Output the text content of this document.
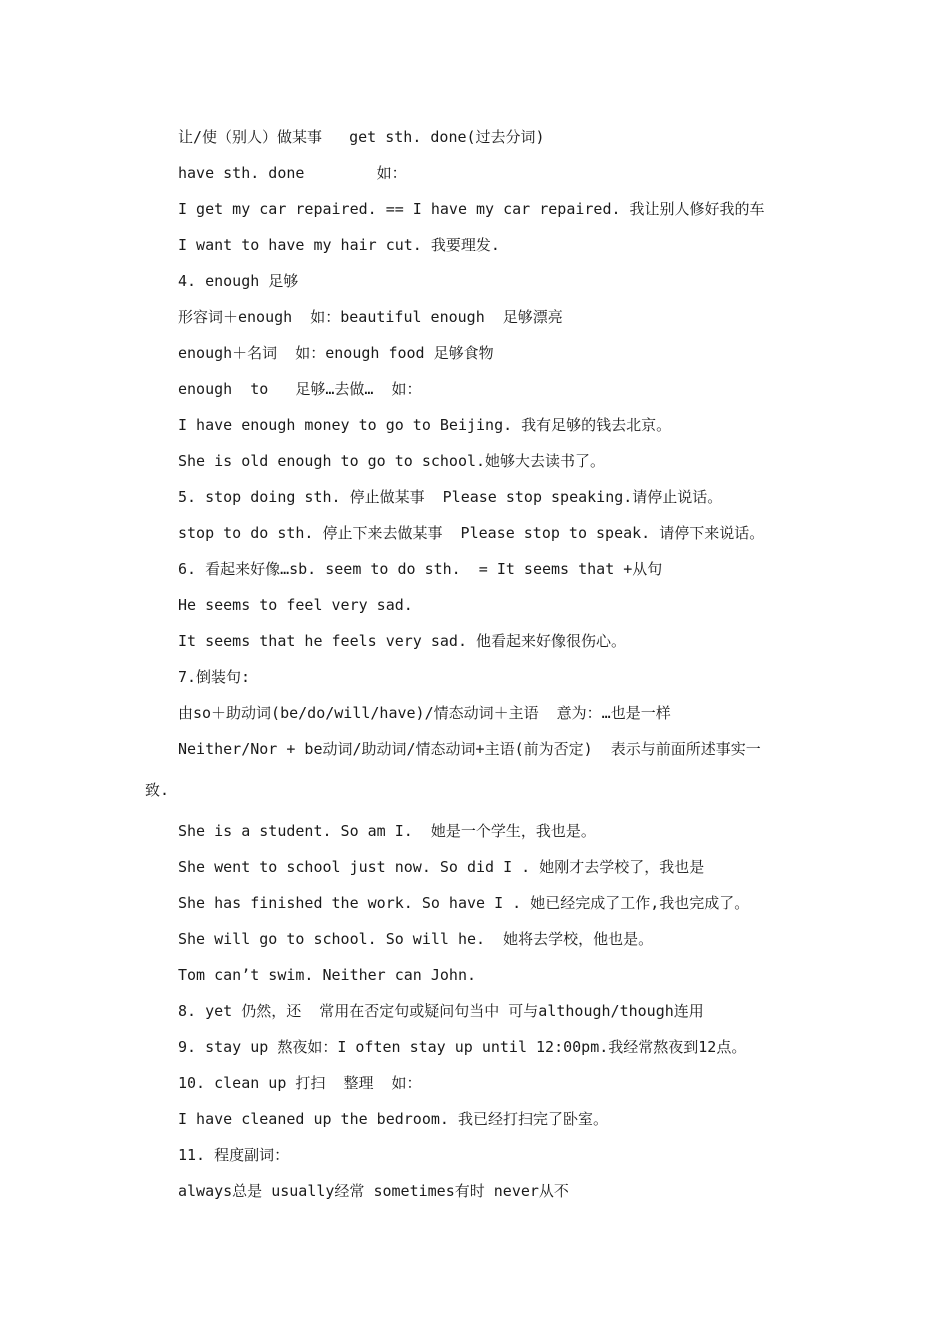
让/使（别人）做某事   get sth. done(过去分词)
have sth. done        如：
I get my car repaired. == I have my car repaired. 我让别人修好我的车
I want to have my hair cut. 我要理发.
4. enough 足够
形容词＋enough  如：beautiful enough  足够漂亮
enough＋名词  如：enough food 足够食物
enough  to   足够…去做…  如：
I have enough money to go to Beijing. 我有足够的钱去北京。
She is old enough to go to school.她够大去读书了。
5. stop doing sth. 停止做某事  Please stop speaking.请停止说话。
stop to do sth. 停止下来去做某事  Please stop to speak. 请停下来说话。
6. 看起来好像…sb. seem to do sth.  = It seems that +从句
He seems to feel very sad.
It seems that he feels very sad. 他看起来好像很伤心。
7.倒装句:
由so＋助动词(be/do/will/have)/情态动词＋主语  意为：…也是一样
Neither/Nor + be动词/助动词/情态动词+主语(前为否定)  表示与前面所述事实一
致.
She is a student. So am I.  她是一个学生，我也是。
She went to school just now. So did I . 她刚才去学校了，我也是
She has finished the work. So have I . 她已经完成了工作,我也完成了。
She will go to school. So will he.  她将去学校，他也是。
Tom can’t swim. Neither can John.
8. yet 仍然，还  常用在否定句或疑问句当中 可与although/though连用
9. stay up 熬夜如：I often stay up until 12:00pm.我经常熬夜到12点。
10. clean up 打扫  整理  如：
I have cleaned up the bedroom. 我已经打扫完了卧室。
11. 程度副词：
always总是 usually经常 sometimes有时 never从不
